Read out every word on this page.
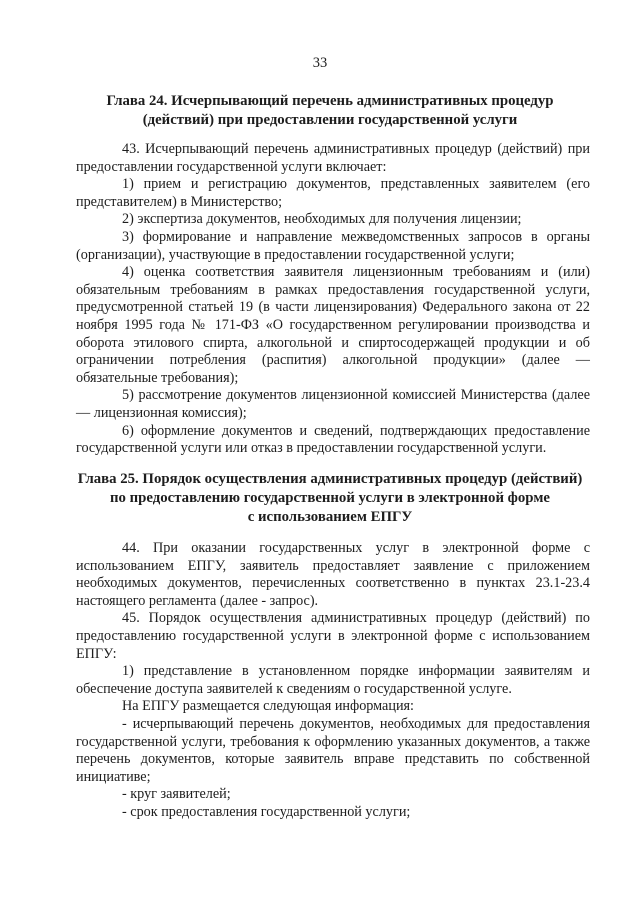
33
Глава 24. Исчерпывающий перечень административных процедур
(действий) при предоставлении государственной услуги

43. Исчерпывающий перечень административных процедур (действий) при предоставлении государственной услуги включает:

1) прием и регистрацию документов, представленных заявителем (его представителем) в Министерство;

2) экспертиза документов, необходимых для получения лицензии;

3) формирование и направление межведомственных запросов в органы (организации), участвующие в предоставлении государственной услуги;

4) оценка соответствия заявителя лицензионным требованиям и (или) обязательным требованиям в рамках предоставления государственной услуги, предусмотренной статьей 19 (в части лицензирования) Федерального закона от 22 ноября 1995 года № 171-ФЗ «О государственном регулировании производства и оборота этилового спирта, алкогольной и спиртосодержащей продукции и об ограничении потребления (распития) алкогольной продукции» (далее — обязательные требования);

5) рассмотрение документов лицензионной комиссией Министерства (далее — лицензионная комиссия);

6) оформление документов и сведений, подтверждающих предоставление государственной услуги или отказ в предоставлении государственной услуги.

Глава 25. Порядок осуществления административных процедур (действий)
по предоставлению государственной услуги в электронной форме
с использованием ЕПГУ

44. При оказании государственных услуг в электронной форме с использованием ЕПГУ, заявитель предоставляет заявление с приложением необходимых документов, перечисленных соответственно в пунктах 23.1-23.4 настоящего регламента (далее - запрос).

45. Порядок осуществления административных процедур (действий) по предоставлению государственной услуги в электронной форме с использованием ЕПГУ:

1) представление в установленном порядке информации заявителям и обеспечение доступа заявителей к сведениям о государственной услуге.

На ЕПГУ размещается следующая информация:

- исчерпывающий перечень документов, необходимых для предоставления государственной услуги, требования к оформлению указанных документов, а также перечень документов, которые заявитель вправе представить по собственной инициативе;

- круг заявителей;

- срок предоставления государственной услуги;
